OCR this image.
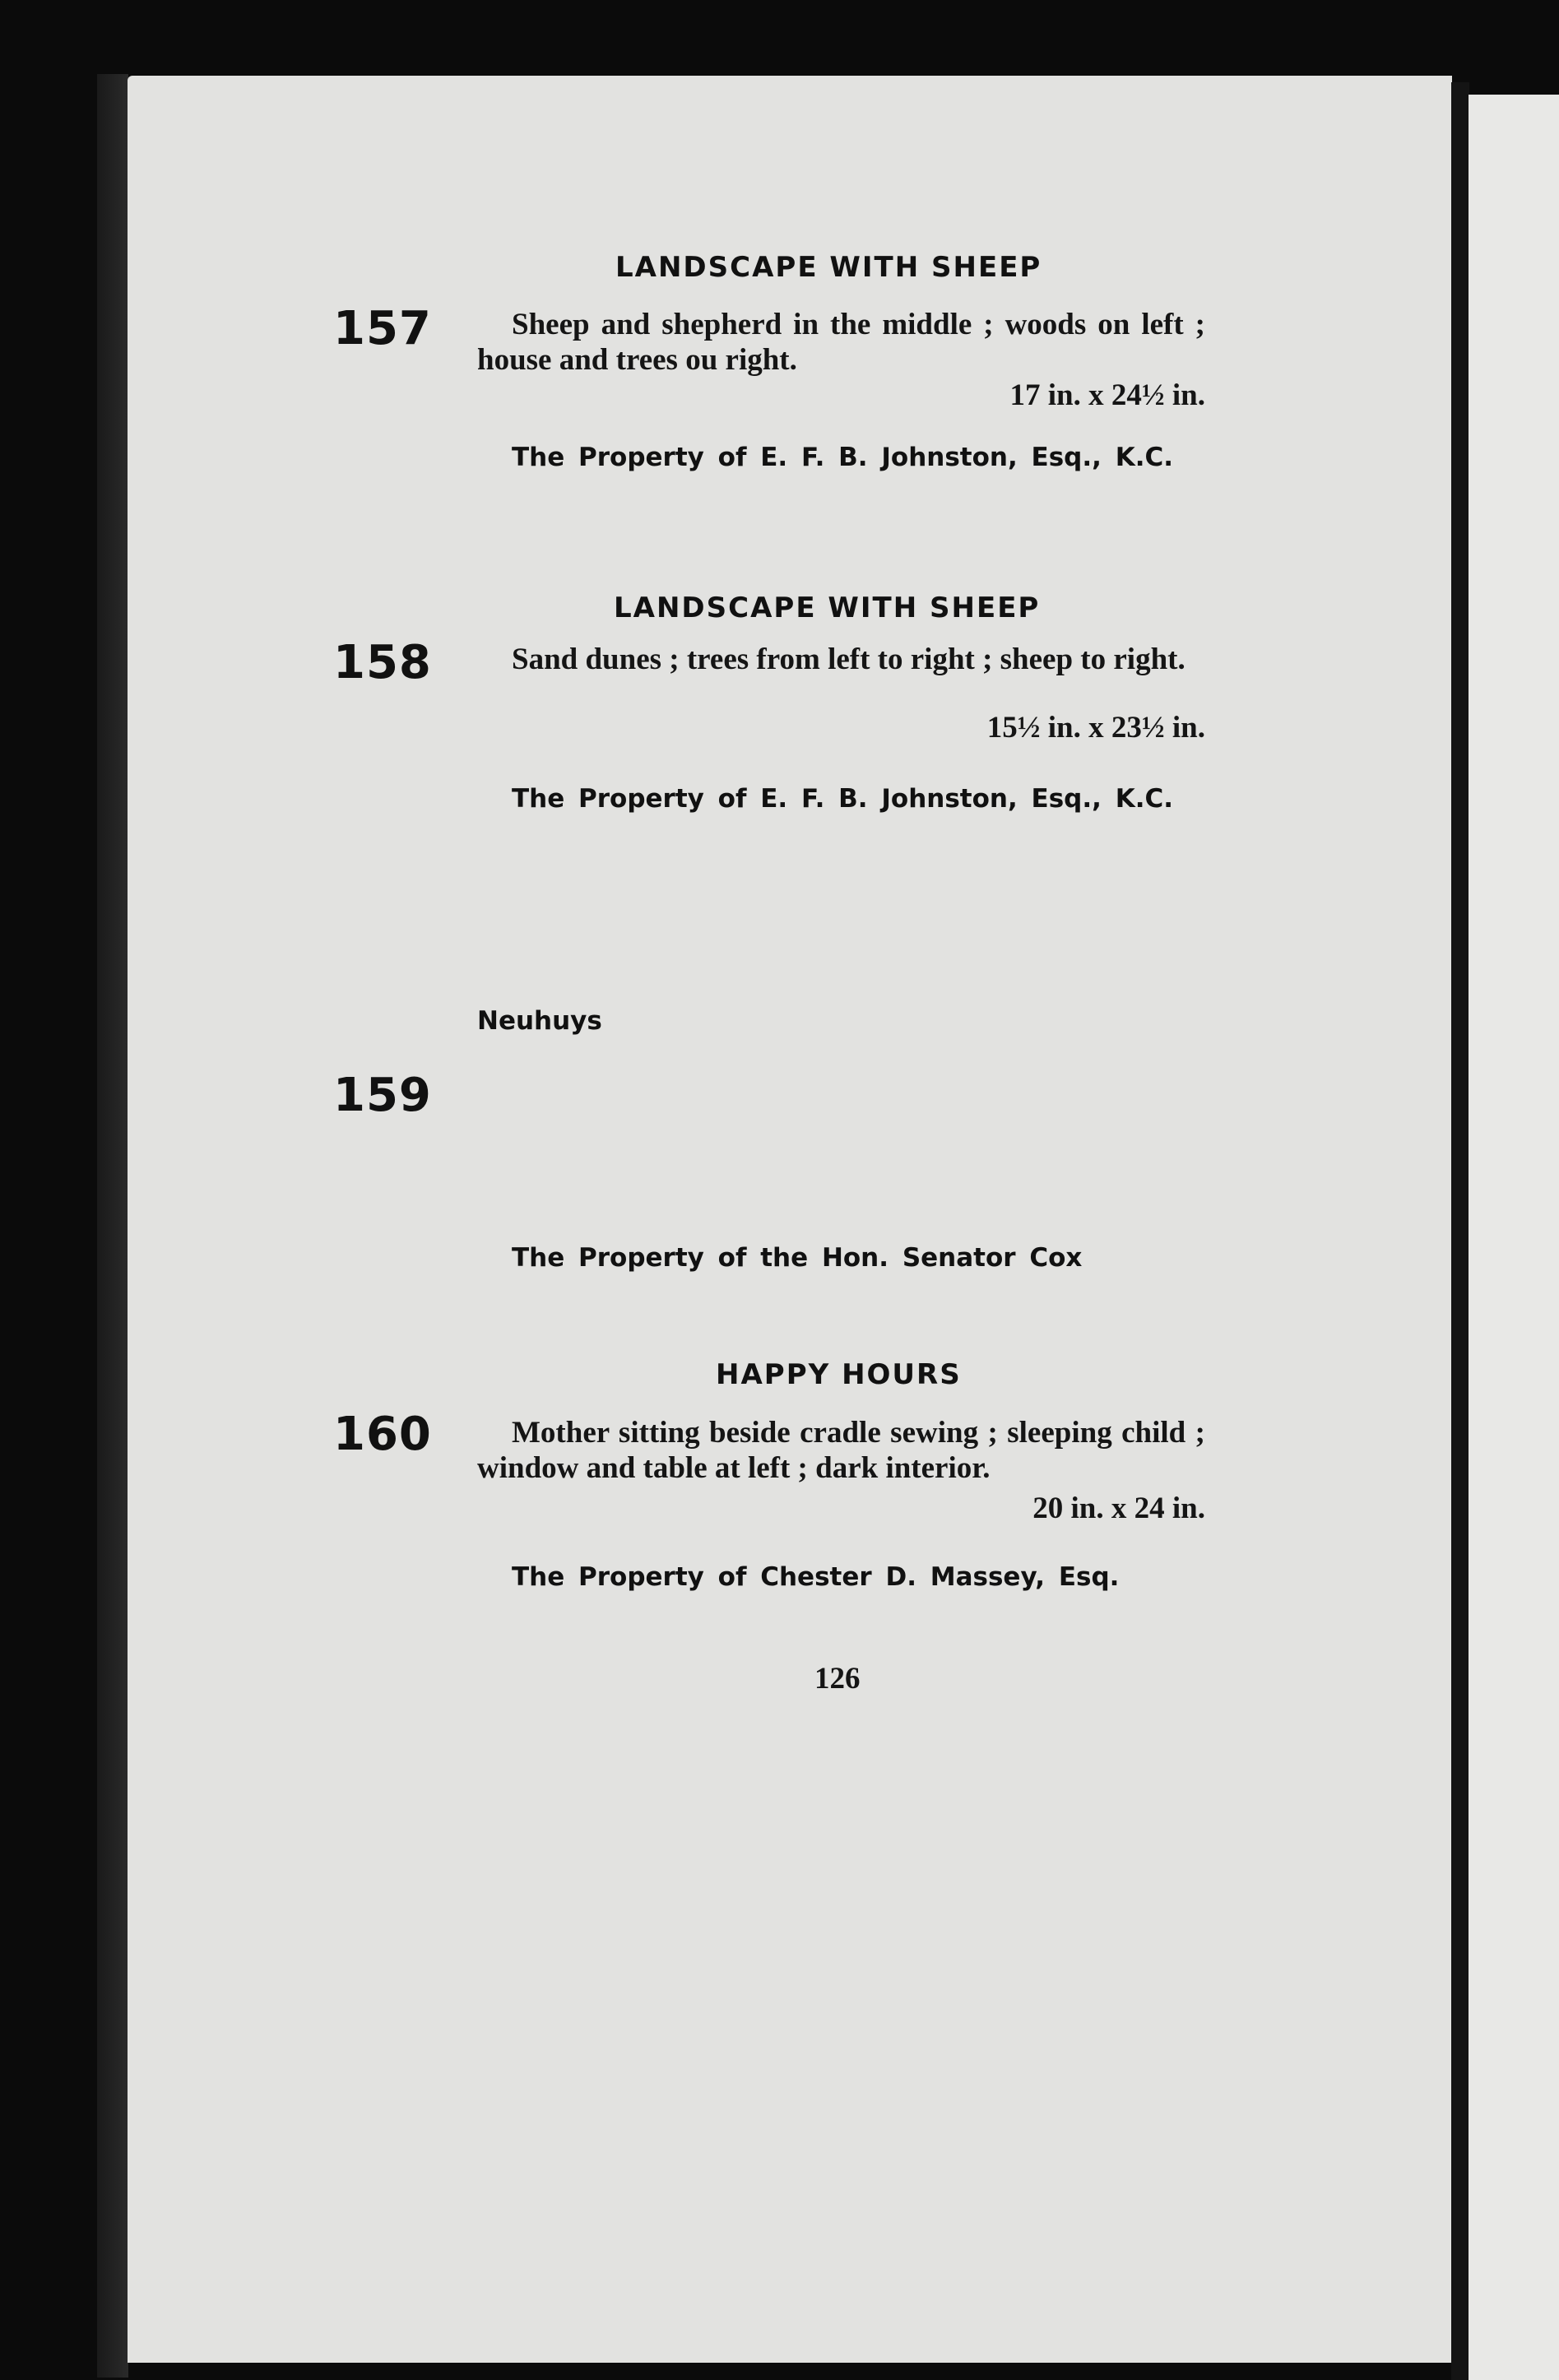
LANDSCAPE WITH SHEEP
157	Sheep and shepherd in the middle ; woods on left ; house and trees ou right.
17 in. x 24½ in.
The Property of E. F. B. Johnston, Esq., K.C.
LANDSCAPE WITH SHEEP
158	Sand dunes ; trees from left to right ; sheep to right.
15½ in. x 23½ in.
The Property of E. F. B. Johnston, Esq., K.C.
Neuhuys
159
The Property of the Hon. Senator Cox
HAPPY HOURS
160	Mother sitting beside cradle sewing ; sleeping child ; window and table at left ; dark interior.
20 in. x 24 in.
The Property of Chester D. Massey, Esq.
126
